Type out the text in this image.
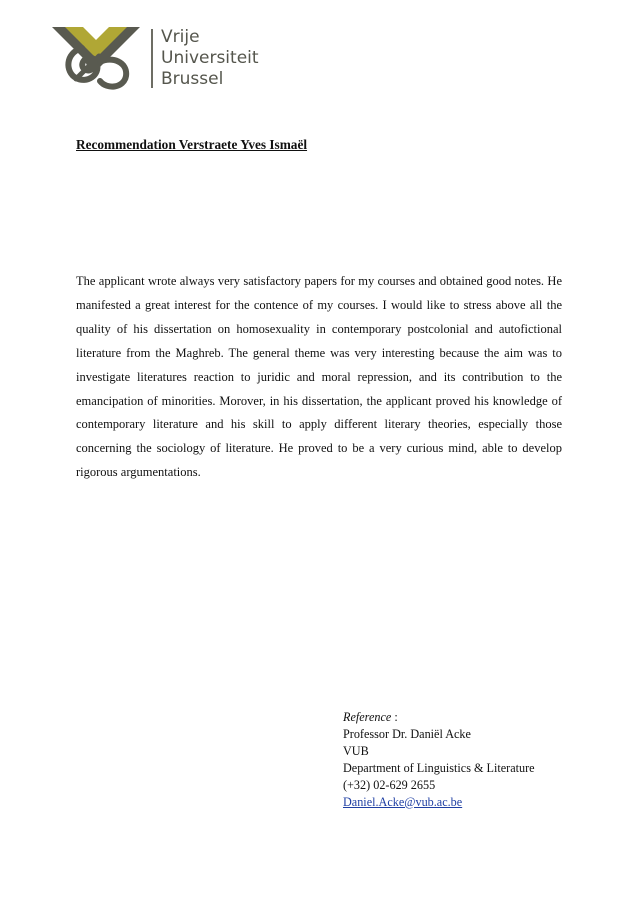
Vrije
Universiteit
Brussel
Recommendation Verstraete Yves Ismaël

The applicant wrote always very satisfactory papers for my courses and obtained good notes. He manifested a great interest for the contence of my courses. I would like to stress above all the quality of his dissertation on homosexuality in contemporary postcolonial and autofictional literature from the Maghreb. The general theme was very interesting because the aim was to investigate literatures reaction to juridic and moral repression, and its contribution to the emancipation of minorities. Morover, in his dissertation, the applicant proved his knowledge of contemporary literature and his skill to apply different literary theories, especially those concerning the sociology of literature. He proved to be a very curious mind, able to develop rigorous argumentations.

Reference :
Professor Dr. Daniël Acke
VUB
Department of Linguistics & Literature
(+32) 02-629 2655
Daniel.Acke@vub.ac.be
